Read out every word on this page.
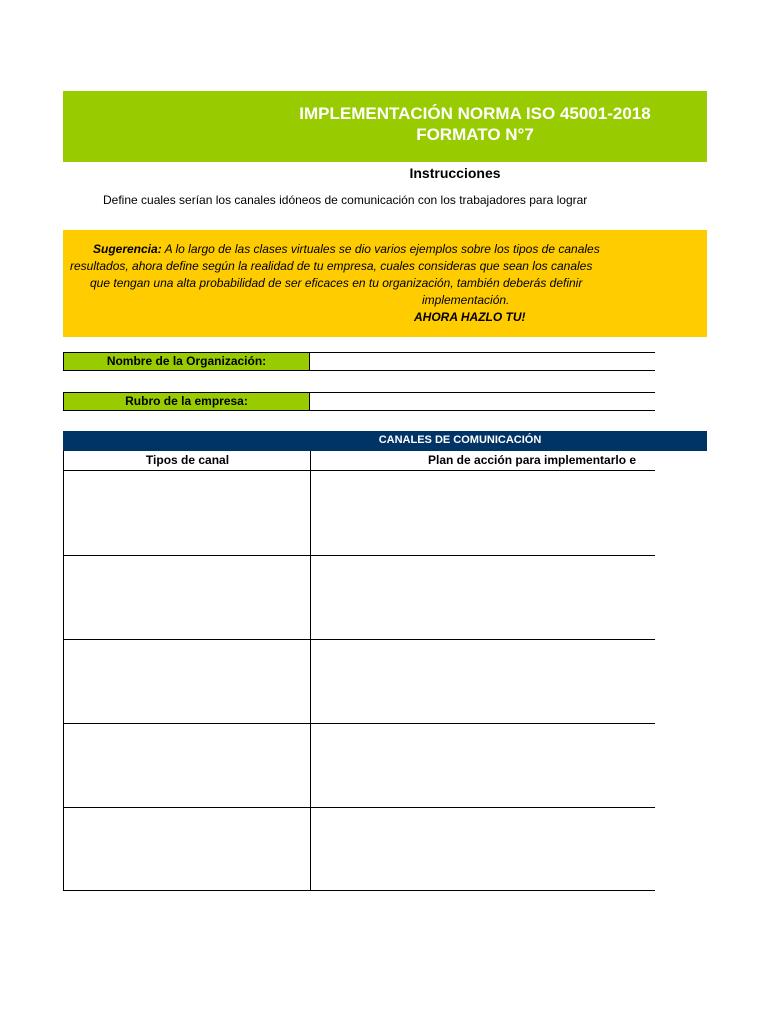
IMPLEMENTACIÓN NORMA ISO 45001-2018
FORMATO N°7
Instrucciones
Define cuales serían los canales idóneos de comunicación con los trabajadores para lograr
Sugerencia: A lo largo de las clases virtuales se dio varios ejemplos sobre los tipos de canales
resultados, ahora define según la realidad de tu empresa, cuales consideras que sean los canales
que tengan una alta probabilidad de ser eficaces en tu organización, también deberás definir
implementación.
AHORA HAZLO TU!
Nombre de la Organización:
Rubro de la empresa:
CANALES DE COMUNICACIÓN
Tipos de canal	Plan de acción para implementarlo e
